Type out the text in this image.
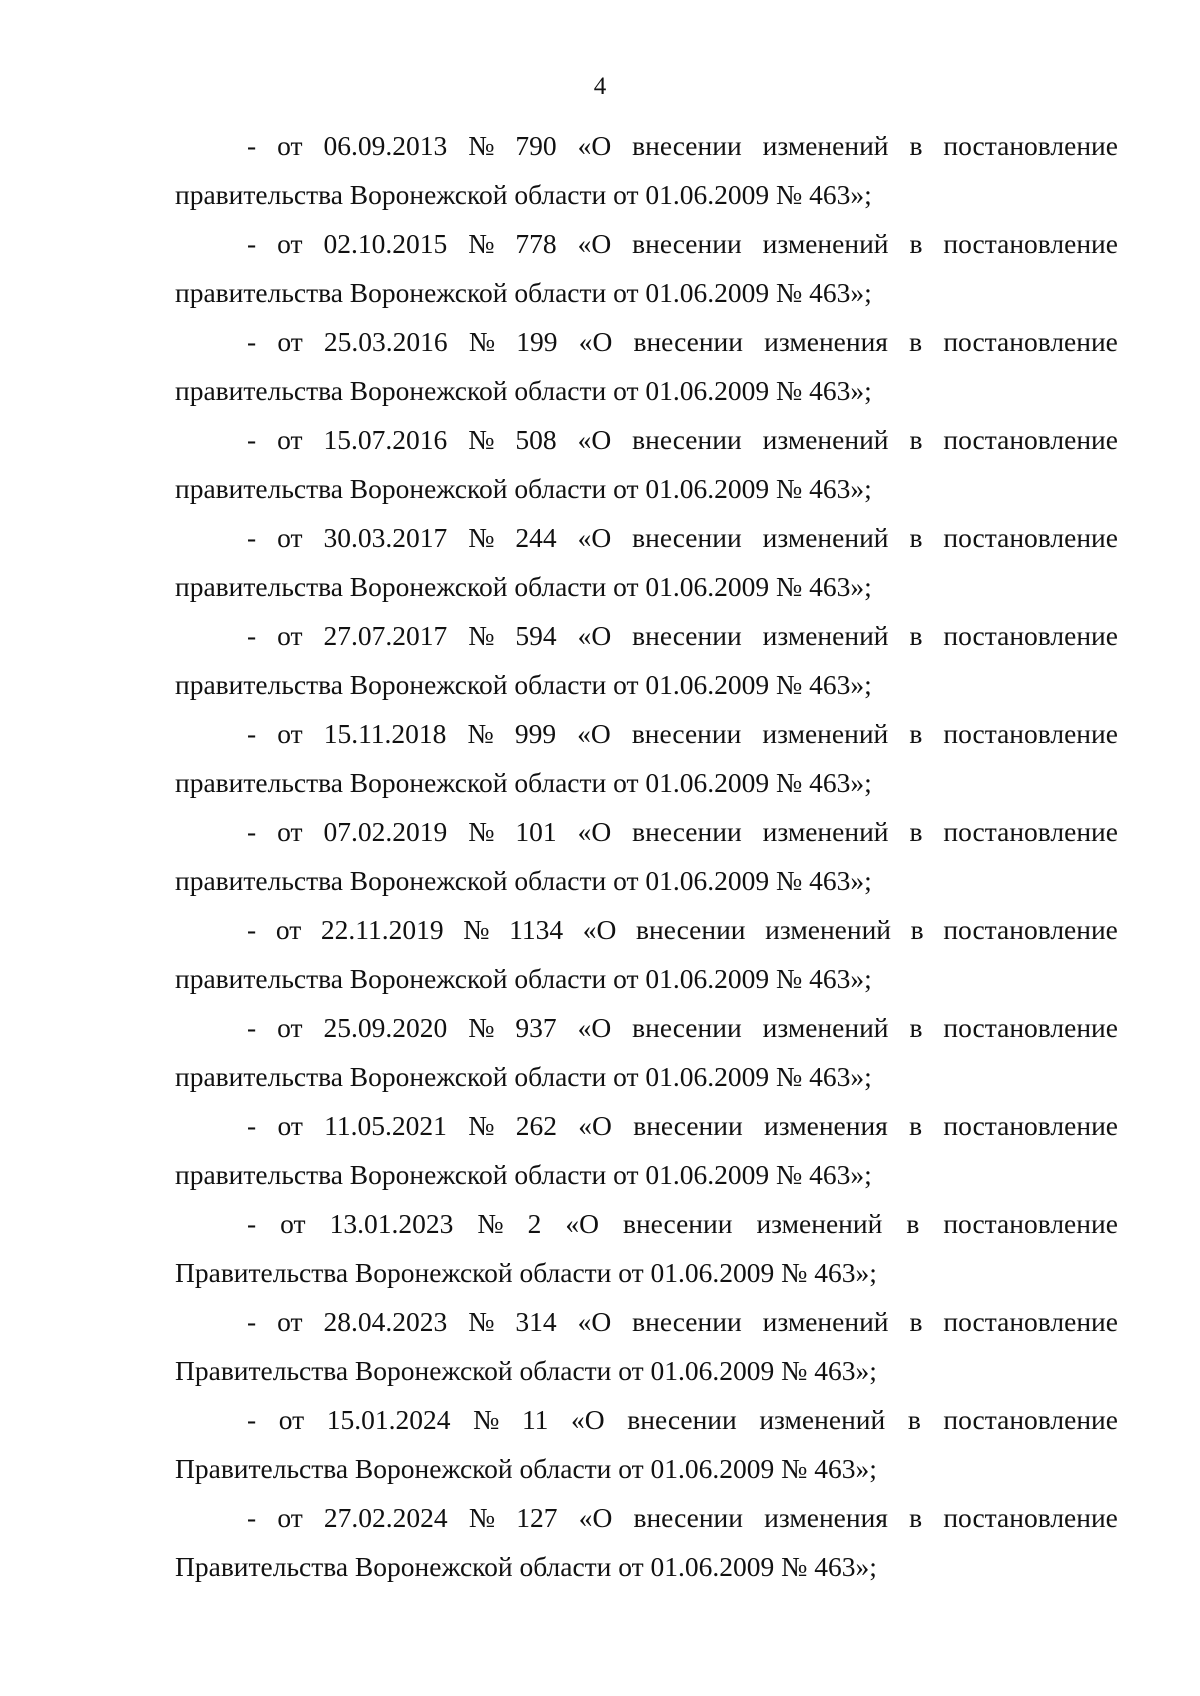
4
- от 06.09.2013 № 790 «О внесении изменений в постановление
правительства Воронежской области от 01.06.2009 № 463»;
- от 02.10.2015 № 778 «О внесении изменений в постановление
правительства Воронежской области от 01.06.2009 № 463»;
- от 25.03.2016 № 199 «О внесении изменения в постановление
правительства Воронежской области от 01.06.2009 № 463»;
- от 15.07.2016 № 508 «О внесении изменений в постановление
правительства Воронежской области от 01.06.2009 № 463»;
- от 30.03.2017 № 244 «О внесении изменений в постановление
правительства Воронежской области от 01.06.2009 № 463»;
- от 27.07.2017 № 594 «О внесении изменений в постановление
правительства Воронежской области от 01.06.2009 № 463»;
- от 15.11.2018 № 999 «О внесении изменений в постановление
правительства Воронежской области от 01.06.2009 № 463»;
- от 07.02.2019 № 101 «О внесении изменений в постановление
правительства Воронежской области от 01.06.2009 № 463»;
- от 22.11.2019 № 1134 «О внесении изменений в постановление
правительства Воронежской области от 01.06.2009 № 463»;
- от 25.09.2020 № 937 «О внесении изменений в постановление
правительства Воронежской области от 01.06.2009 № 463»;
- от 11.05.2021 № 262 «О внесении изменения в постановление
правительства Воронежской области от 01.06.2009 № 463»;
- от 13.01.2023 № 2 «О внесении изменений в постановление
Правительства Воронежской области от 01.06.2009 № 463»;
- от 28.04.2023 № 314 «О внесении изменений в постановление
Правительства Воронежской области от 01.06.2009 № 463»;
- от 15.01.2024 № 11 «О внесении изменений в постановление
Правительства Воронежской области от 01.06.2009 № 463»;
- от 27.02.2024 № 127 «О внесении изменения в постановление
Правительства Воронежской области от 01.06.2009 № 463»;
